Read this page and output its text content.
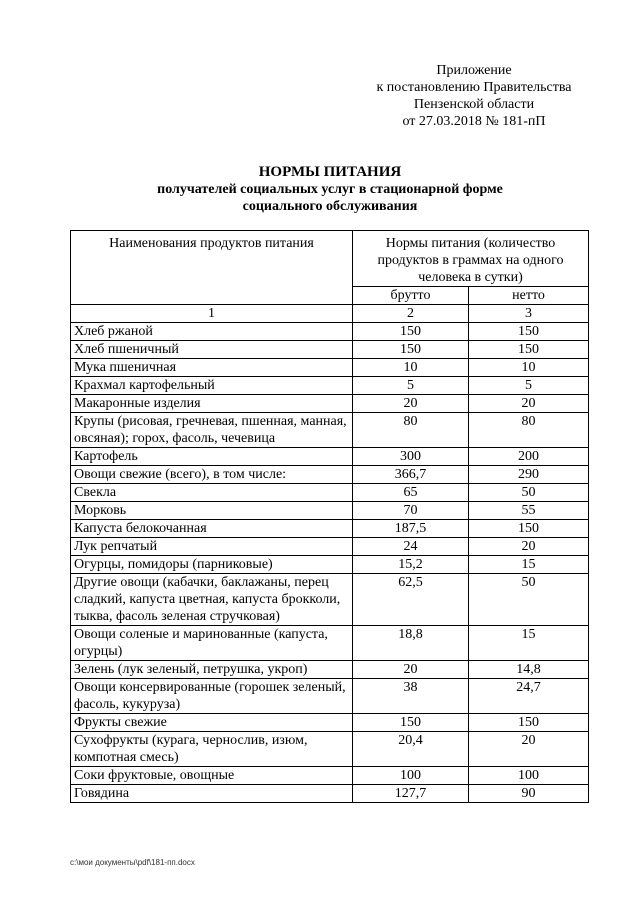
Приложение
к постановлению Правительства
Пензенской области
от 27.03.2018 № 181-пП
НОРМЫ ПИТАНИЯ
получателей социальных услуг в стационарной форме
социального обслуживания
Наименования продуктов питания	Нормы питания (количество продуктов в граммах на одного человека в сутки)	
	брутто	нетто
1	2	3
Хлеб ржаной	150	150
Хлеб пшеничный	150	150
Мука пшеничная	10	10
Крахмал картофельный	5	5
Макаронные изделия	20	20
Крупы (рисовая, гречневая, пшенная, манная, овсяная); горох, фасоль, чечевица	80	80
Картофель	300	200
Овощи свежие (всего), в том числе:	366,7	290
Свекла	65	50
Морковь	70	55
Капуста белокочанная	187,5	150
Лук репчатый	24	20
Огурцы, помидоры (парниковые)	15,2	15
Другие овощи (кабачки, баклажаны, перец сладкий, капуста цветная, капуста брокколи, тыква, фасоль зеленая стручковая)	62,5	50
Овощи соленые и маринованные (капуста, огурцы)	18,8	15
Зелень (лук зеленый, петрушка, укроп)	20	14,8
Овощи консервированные (горошек зеленый, фасоль, кукуруза)	38	24,7
Фрукты свежие	150	150
Сухофрукты (курага, чернослив, изюм, компотная смесь)	20,4	20
Соки фруктовые, овощные	100	100
Говядина	127,7	90
c:\мои документы\pdf\181-пп.docx
